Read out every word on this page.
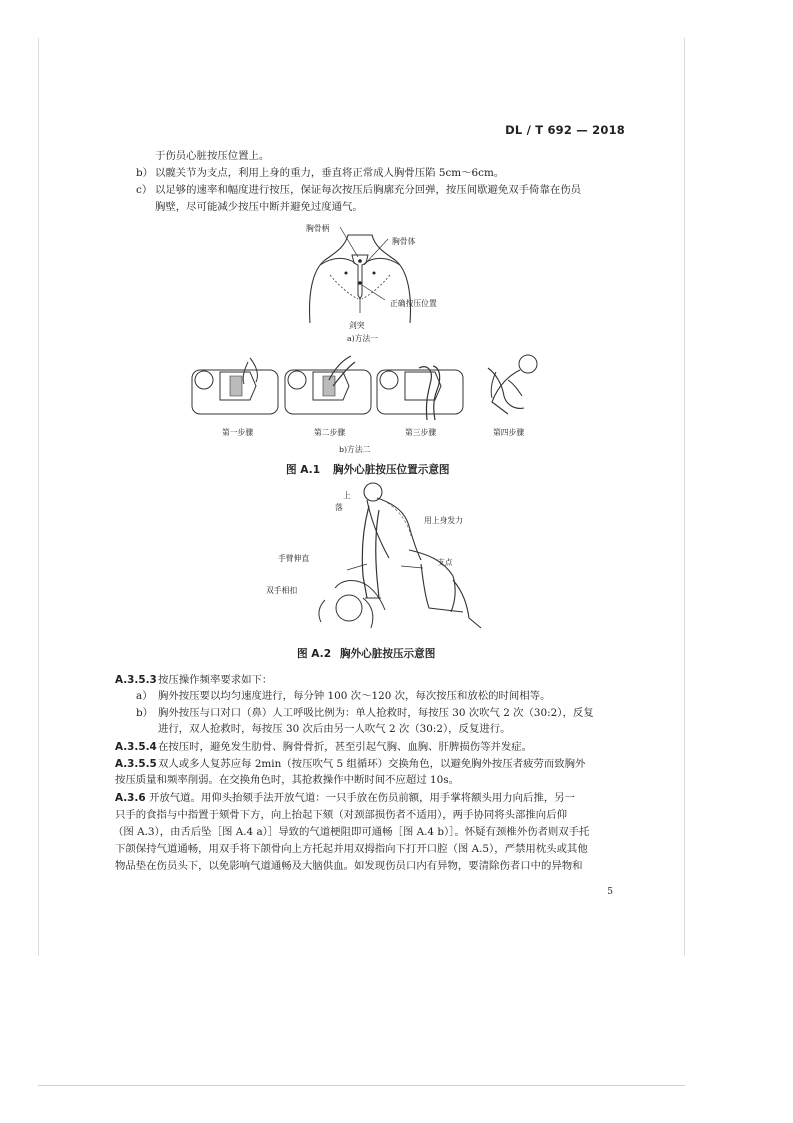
DL / T 692 — 2018
于伤员心脏按压位置上。
b） 以髋关节为支点，利用上身的重力，垂直将正常成人胸骨压陷 5cm～6cm。
c） 以足够的速率和幅度进行按压，保证每次按压后胸廓充分回弹，按压间歇避免双手倚靠在伤员
胸壁，尽可能减少按压中断并避免过度通气。
胸骨柄
胸骨体
正确按压位置
剑突
a)方法一
第一步骤	第二步骤	第三步骤	第四步骤
b)方法二
图 A.1 胸外心脏按压位置示意图
落
上
用上身发力
手臂伸直	支点
双手相扣
图 A.2 胸外心脏按压示意图
A.3.5.3 按压操作频率要求如下：
a） 胸外按压要以均匀速度进行，每分钟 100 次～120 次，每次按压和放松的时间相等。
b） 胸外按压与口对口（鼻）人工呼吸比例为：单人抢救时，每按压 30 次吹气 2 次（30:2），反复
进行，双人抢救时，每按压 30 次后由另一人吹气 2 次（30:2），反复进行。
A.3.5.4 在按压时，避免发生肋骨、胸骨骨折，甚至引起气胸、血胸、肝脾损伤等并发症。
A.3.5.5 双人或多人复苏应每 2min（按压吹气 5 组循环）交换角色，以避免胸外按压者疲劳而致胸外
按压质量和频率削弱。在交换角色时，其抢救操作中断时间不应超过 10s。
A.3.6 开放气道。用仰头抬颏手法开放气道：一只手放在伤员前额，用手掌将额头用力向后推，另一
只手的食指与中指置于颏骨下方，向上抬起下颏（对颈部损伤者不适用），两手协同将头部推向后仰
（图 A.3），由舌后坠［图 A.4 a）］导致的气道梗阻即可通畅［图 A.4 b）］。怀疑有颈椎外伤者则双手托
下颌保持气道通畅，用双手将下颌骨向上方托起并用双拇指向下打开口腔（图 A.5），严禁用枕头或其他
物品垫在伤员头下，以免影响气道通畅及大脑供血。如发现伤员口内有异物，要清除伤者口中的异物和
5
